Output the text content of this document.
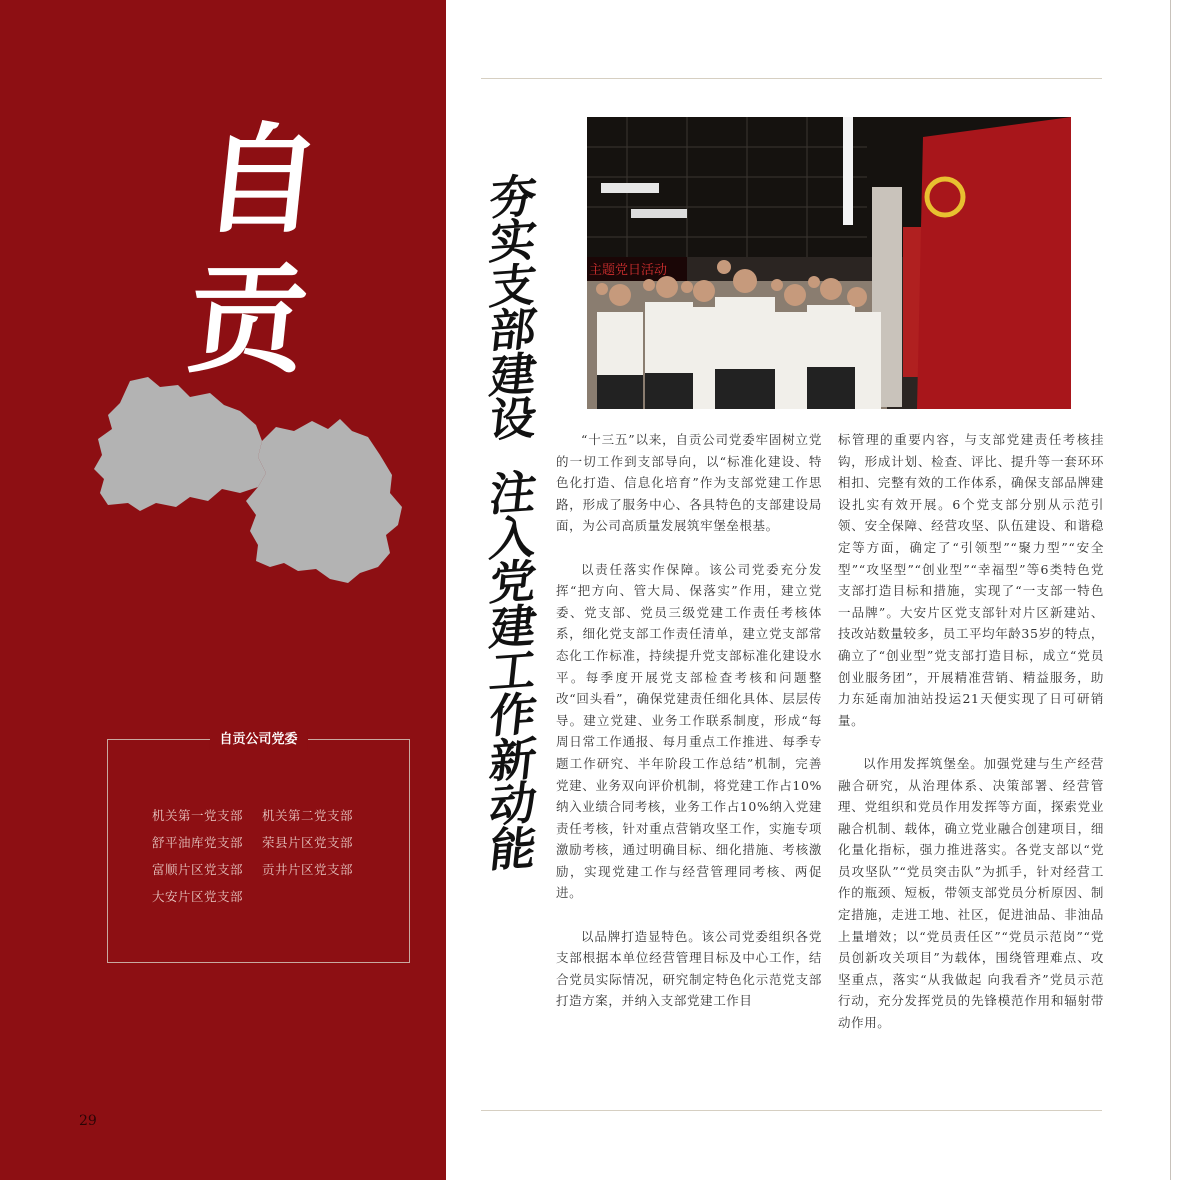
自
贡
自贡公司党委
机关第一党支部 机关第二党支部 舒平油库党支部 荣县片区党支部 富顺片区党支部 贡井片区党支部 大安片区党支部
29
主题党日活动
夯
实
支
部
建
设
注
入
党
建
工
作
新
动
能

“十三五”以来，自贡公司党委牢固树立党的一切工作到支部导向，以“标准化建设、特色化打造、信息化培育”作为支部党建工作思路，形成了服务中心、各具特色的支部建设局面，为公司高质量发展筑牢堡垒根基。

以责任落实作保障。该公司党委充分发挥“把方向、管大局、保落实”作用，建立党委、党支部、党员三级党建工作责任考核体系，细化党支部工作责任清单，建立党支部常态化工作标准，持续提升党支部标准化建设水平。每季度开展党支部检查考核和问题整改“回头看”，确保党建责任细化具体、层层传导。建立党建、业务工作联系制度，形成“每周日常工作通报、每月重点工作推进、每季专题工作研究、半年阶段工作总结”机制，完善党建、业务双向评价机制，将党建工作占10%纳入业绩合同考核，业务工作占10%纳入党建责任考核，针对重点营销攻坚工作，实施专项激励考核，通过明确目标、细化措施、考核激励，实现党建工作与经营管理同考核、两促进。

以品牌打造显特色。该公司党委组织各党支部根据本单位经营管理目标及中心工作，结合党员实际情况，研究制定特色化示范党支部打造方案，并纳入支部党建工作目

标管理的重要内容，与支部党建责任考核挂钩，形成计划、检查、评比、提升等一套环环相扣、完整有效的工作体系，确保支部品牌建设扎实有效开展。6个党支部分别从示范引领、安全保障、经营攻坚、队伍建设、和谐稳定等方面，确定了“引领型”“聚力型”“安全型”“攻坚型”“创业型”“幸福型”等6类特色党支部打造目标和措施，实现了“一支部一特色一品牌”。大安片区党支部针对片区新建站、技改站数量较多，员工平均年龄35岁的特点，确立了“创业型”党支部打造目标，成立“党员创业服务团”，开展精准营销、精益服务，助力东延南加油站投运21天便实现了日可研销量。

以作用发挥筑堡垒。加强党建与生产经营融合研究，从治理体系、决策部署、经营管理、党组织和党员作用发挥等方面，探索党业融合机制、载体，确立党业融合创建项目，细化量化指标，强力推进落实。各党支部以“党员攻坚队”“党员突击队”为抓手，针对经营工作的瓶颈、短板，带领支部党员分析原因、制定措施，走进工地、社区，促进油品、非油品上量增效；以“党员责任区”“党员示范岗”“党员创新攻关项目”为载体，围绕管理难点、攻坚重点，落实“从我做起 向我看齐”党员示范行动，充分发挥党员的先锋模范作用和辐射带动作用。
